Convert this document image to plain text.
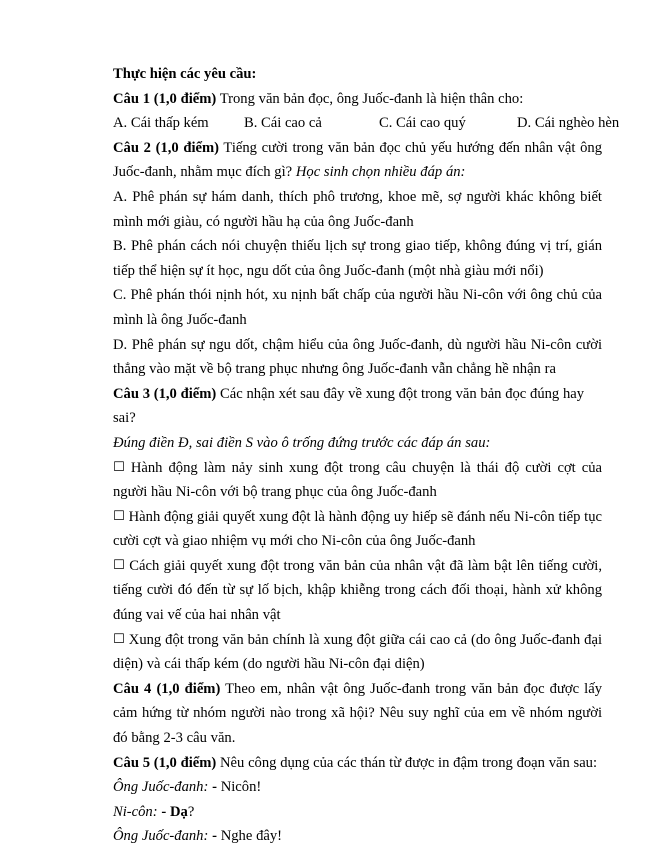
Thực hiện các yêu cầu:

Câu 1 (1,0 điểm) Trong văn bản đọc, ông Juốc-đanh là hiện thân cho:

A. Cái thấp kém B. Cái cao cả	C. Cái cao quý	D. Cái nghèo hèn

Câu 2 (1,0 điểm) Tiếng cười trong văn bản đọc chủ yếu hướng đến nhân vật ông Juốc-đanh, nhằm mục đích gì? Học sinh chọn nhiều đáp án:

A. Phê phán sự hám danh, thích phô trương, khoe mẽ, sợ người khác không biết mình mới giàu, có người hầu hạ của ông Juốc-đanh

B. Phê phán cách nói chuyện thiếu lịch sự trong giao tiếp, không đúng vị trí, gián tiếp thể hiện sự ít học, ngu dốt của ông Juốc-đanh (một nhà giàu mới nổi)

C. Phê phán thói nịnh hót, xu nịnh bất chấp của người hầu Ni-côn với ông chủ của mình là ông Juốc-đanh

D. Phê phán sự ngu dốt, chậm hiểu của ông Juốc-đanh, dù người hầu Ni-côn cười thẳng vào mặt về bộ trang phục nhưng ông Juốc-đanh vẫn chẳng hề nhận ra

Câu 3 (1,0 điểm) Các nhận xét sau đây về xung đột trong văn bản đọc đúng hay sai?

Đúng điền Đ, sai điền S vào ô trống đứng trước các đáp án sau:

☐ Hành động làm nảy sinh xung đột trong câu chuyện là thái độ cười cợt của người hầu Ni-côn với bộ trang phục của ông Juốc-đanh

☐ Hành động giải quyết xung đột là hành động uy hiếp sẽ đánh nếu Ni-côn tiếp tục cười cợt và giao nhiệm vụ mới cho Ni-côn của ông Juốc-đanh

☐ Cách giải quyết xung đột trong văn bản của nhân vật đã làm bật lên tiếng cười, tiếng cười đó đến từ sự lố bịch, khập khiễng trong cách đối thoại, hành xử không đúng vai vế của hai nhân vật

☐ Xung đột trong văn bản chính là xung đột giữa cái cao cả (do ông Juốc-đanh đại diện) và cái thấp kém (do người hầu Ni-côn đại diện)

Câu 4 (1,0 điểm) Theo em, nhân vật ông Juốc-đanh trong văn bản đọc được lấy cảm hứng từ nhóm người nào trong xã hội? Nêu suy nghĩ của em về nhóm người đó bằng 2-3 câu văn.

Câu 5 (1,0 điểm) Nêu công dụng của các thán từ được in đậm trong đoạn văn sau:

Ông Juốc-đanh: - Nicôn!

Ni-côn: - Dạ?

Ông Juốc-đanh: - Nghe đây!
